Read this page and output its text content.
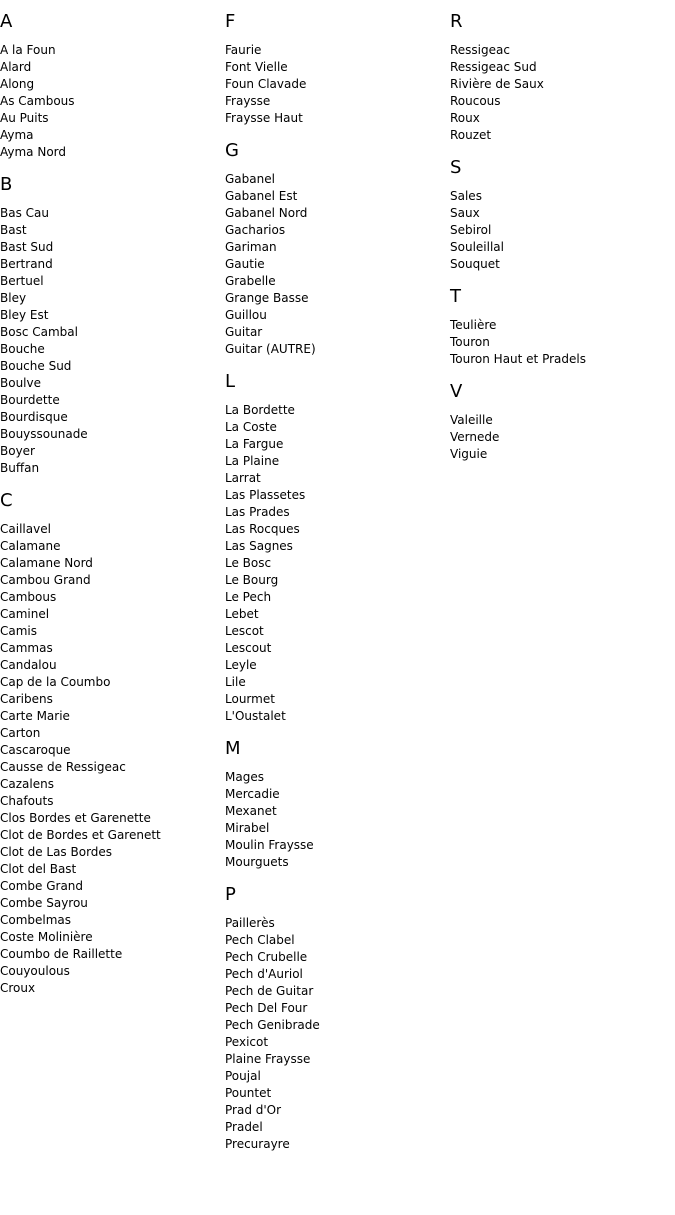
A
A la Foun
Alard
Along
As Cambous
Au Puits
Ayma
Ayma Nord
B
Bas Cau
Bast
Bast Sud
Bertrand
Bertuel
Bley
Bley Est
Bosc Cambal
Bouche
Bouche Sud
Boulve
Bourdette
Bourdisque
Bouyssounade
Boyer
Buffan
C
Caillavel
Calamane
Calamane Nord
Cambou Grand
Cambous
Caminel
Camis
Cammas
Candalou
Cap de la Coumbo
Caribens
Carte Marie
Carton
Cascaroque
Causse de Ressigeac
Cazalens
Chafouts
Clos Bordes et Garenette
Clot de Bordes et Garenett
Clot de Las Bordes
Clot del Bast
Combe Grand
Combe Sayrou
Combelmas
Coste Molinière
Coumbo de Raillette
Couyoulous
Croux
F
Faurie
Font Vielle
Foun Clavade
Fraysse
Fraysse Haut
G
Gabanel
Gabanel Est
Gabanel Nord
Gacharios
Gariman
Gautie
Grabelle
Grange Basse
Guillou
Guitar
Guitar (AUTRE)
L
La Bordette
La Coste
La Fargue
La Plaine
Larrat
Las Plassetes
Las Prades
Las Rocques
Las Sagnes
Le Bosc
Le Bourg
Le Pech
Lebet
Lescot
Lescout
Leyle
Lile
Lourmet
L'Oustalet
M
Mages
Mercadie
Mexanet
Mirabel
Moulin Fraysse
Mourguets
P
Paillerès
Pech Clabel
Pech Crubelle
Pech d'Auriol
Pech de Guitar
Pech Del Four
Pech Genibrade
Pexicot
Plaine Fraysse
Poujal
Pountet
Prad d'Or
Pradel
Precurayre
R
Ressigeac
Ressigeac Sud
Rivière de Saux
Roucous
Roux
Rouzet
S
Sales
Saux
Sebirol
Souleillal
Souquet
T
Teulière
Touron
Touron Haut et Pradels
V
Valeille
Vernede
Viguie
